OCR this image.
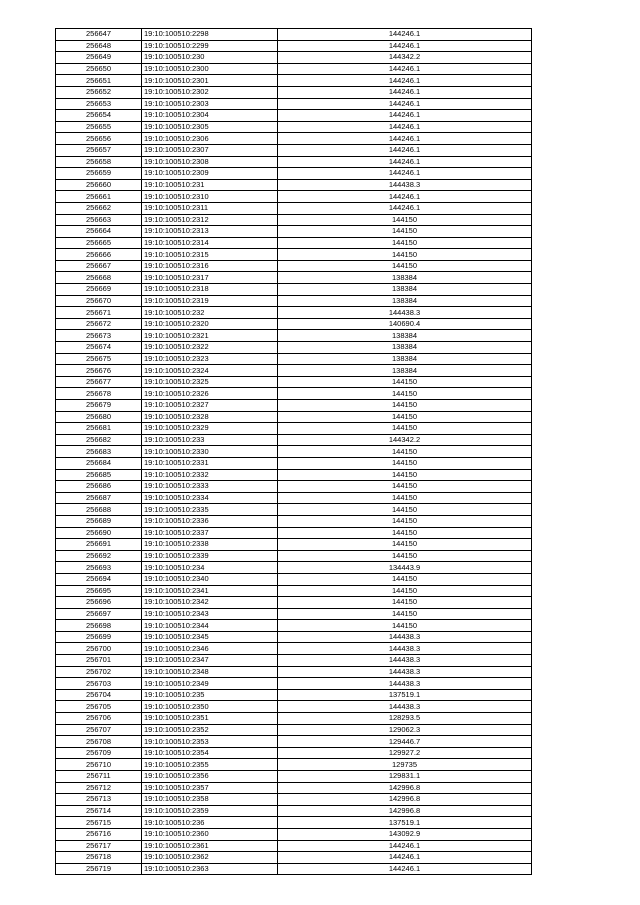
256647	19:10:100510:2298	144246.1
256648	19:10:100510:2299	144246.1
256649	19:10:100510:230	144342.2
256650	19:10:100510:2300	144246.1
256651	19:10:100510:2301	144246.1
256652	19:10:100510:2302	144246.1
256653	19:10:100510:2303	144246.1
256654	19:10:100510:2304	144246.1
256655	19:10:100510:2305	144246.1
256656	19:10:100510:2306	144246.1
256657	19:10:100510:2307	144246.1
256658	19:10:100510:2308	144246.1
256659	19:10:100510:2309	144246.1
256660	19:10:100510:231	144438.3
256661	19:10:100510:2310	144246.1
256662	19:10:100510:2311	144246.1
256663	19:10:100510:2312	144150
256664	19:10:100510:2313	144150
256665	19:10:100510:2314	144150
256666	19:10:100510:2315	144150
256667	19:10:100510:2316	144150
256668	19:10:100510:2317	138384
256669	19:10:100510:2318	138384
256670	19:10:100510:2319	138384
256671	19:10:100510:232	144438.3
256672	19:10:100510:2320	140690.4
256673	19:10:100510:2321	138384
256674	19:10:100510:2322	138384
256675	19:10:100510:2323	138384
256676	19:10:100510:2324	138384
256677	19:10:100510:2325	144150
256678	19:10:100510:2326	144150
256679	19:10:100510:2327	144150
256680	19:10:100510:2328	144150
256681	19:10:100510:2329	144150
256682	19:10:100510:233	144342.2
256683	19:10:100510:2330	144150
256684	19:10:100510:2331	144150
256685	19:10:100510:2332	144150
256686	19:10:100510:2333	144150
256687	19:10:100510:2334	144150
256688	19:10:100510:2335	144150
256689	19:10:100510:2336	144150
256690	19:10:100510:2337	144150
256691	19:10:100510:2338	144150
256692	19:10:100510:2339	144150
256693	19:10:100510:234	134443.9
256694	19:10:100510:2340	144150
256695	19:10:100510:2341	144150
256696	19:10:100510:2342	144150
256697	19:10:100510:2343	144150
256698	19:10:100510:2344	144150
256699	19:10:100510:2345	144438.3
256700	19:10:100510:2346	144438.3
256701	19:10:100510:2347	144438.3
256702	19:10:100510:2348	144438.3
256703	19:10:100510:2349	144438.3
256704	19:10:100510:235	137519.1
256705	19:10:100510:2350	144438.3
256706	19:10:100510:2351	128293.5
256707	19:10:100510:2352	129062.3
256708	19:10:100510:2353	129446.7
256709	19:10:100510:2354	129927.2
256710	19:10:100510:2355	129735
256711	19:10:100510:2356	129831.1
256712	19:10:100510:2357	142996.8
256713	19:10:100510:2358	142996.8
256714	19:10:100510:2359	142996.8
256715	19:10:100510:236	137519.1
256716	19:10:100510:2360	143092.9
256717	19:10:100510:2361	144246.1
256718	19:10:100510:2362	144246.1
256719	19:10:100510:2363	144246.1
